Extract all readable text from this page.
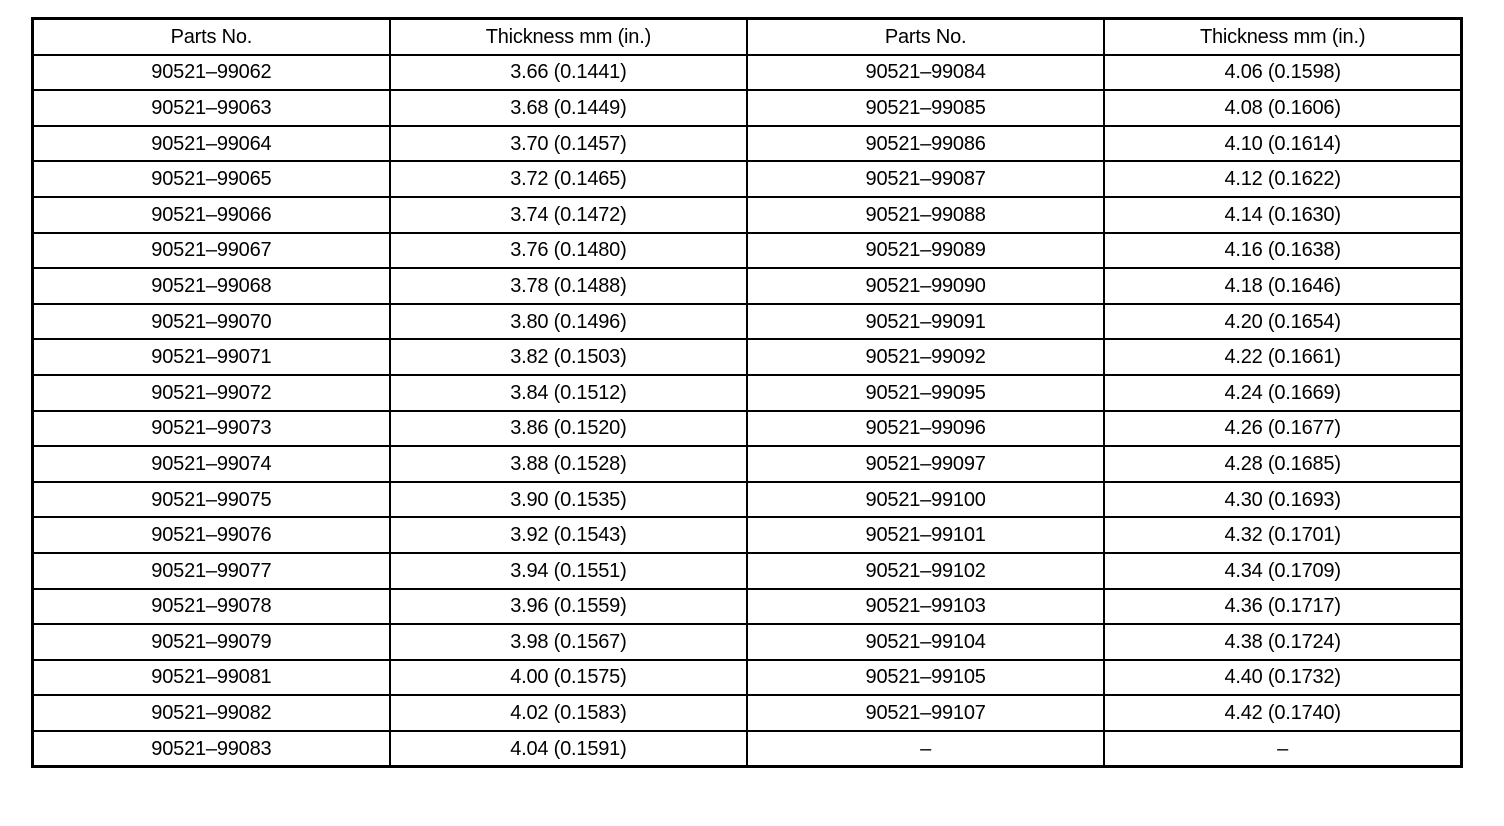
Parts No.	Thickness mm (in.)	Parts No.	Thickness mm (in.)
90521–99062	3.66 (0.1441)	90521–99084	4.06 (0.1598)
90521–99063	3.68 (0.1449)	90521–99085	4.08 (0.1606)
90521–99064	3.70 (0.1457)	90521–99086	4.10 (0.1614)
90521–99065	3.72 (0.1465)	90521–99087	4.12 (0.1622)
90521–99066	3.74 (0.1472)	90521–99088	4.14 (0.1630)
90521–99067	3.76 (0.1480)	90521–99089	4.16 (0.1638)
90521–99068	3.78 (0.1488)	90521–99090	4.18 (0.1646)
90521–99070	3.80 (0.1496)	90521–99091	4.20 (0.1654)
90521–99071	3.82 (0.1503)	90521–99092	4.22 (0.1661)
90521–99072	3.84 (0.1512)	90521–99095	4.24 (0.1669)
90521–99073	3.86 (0.1520)	90521–99096	4.26 (0.1677)
90521–99074	3.88 (0.1528)	90521–99097	4.28 (0.1685)
90521–99075	3.90 (0.1535)	90521–99100	4.30 (0.1693)
90521–99076	3.92 (0.1543)	90521–99101	4.32 (0.1701)
90521–99077	3.94 (0.1551)	90521–99102	4.34 (0.1709)
90521–99078	3.96 (0.1559)	90521–99103	4.36 (0.1717)
90521–99079	3.98 (0.1567)	90521–99104	4.38 (0.1724)
90521–99081	4.00 (0.1575)	90521–99105	4.40 (0.1732)
90521–99082	4.02 (0.1583)	90521–99107	4.42 (0.1740)
90521–99083	4.04 (0.1591)	–	–
